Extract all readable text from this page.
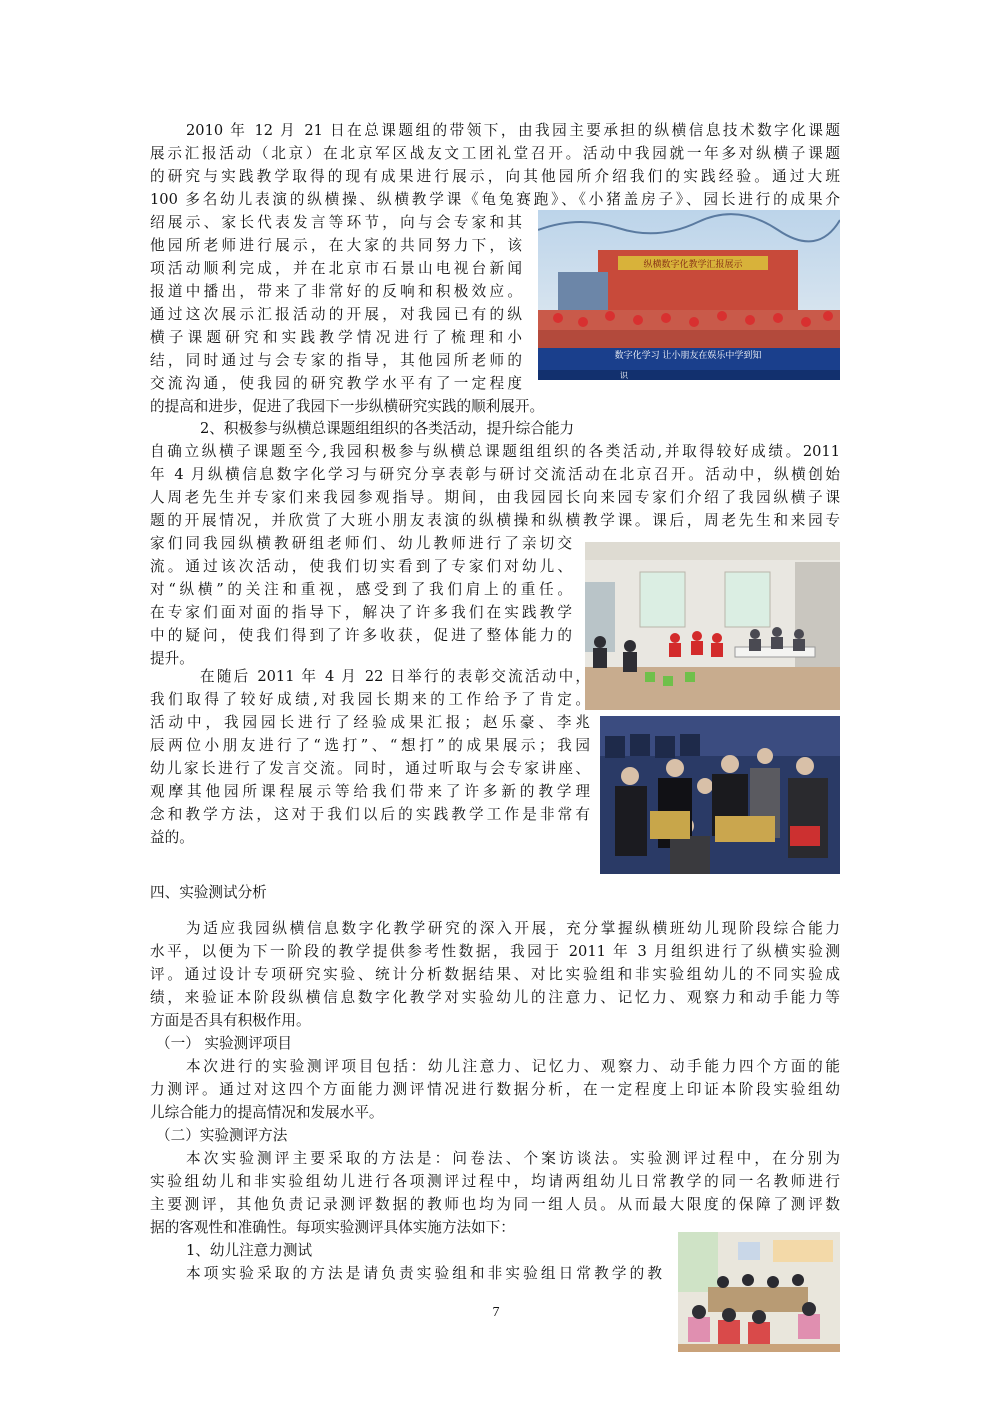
2010 年 12 月 21 日在总课题组的带领下，由我园主要承担的纵横信息技术数字化课题
展示汇报活动（北京）在北京军区战友文工团礼堂召开。活动中我园就一年多对纵横子课题
的研究与实践教学取得的现有成果进行展示，向其他园所介绍我们的实践经验。通过大班
100 多名幼儿表演的纵横操、纵横教学课《龟兔赛跑》、《小猪盖房子》、园长进行的成果介
绍展示、家长代表发言等环节，向与会专家和其
他园所老师进行展示，在大家的共同努力下，该
项活动顺利完成，并在北京市石景山电视台新闻
报道中播出，带来了非常好的反响和积极效应。
通过这次展示汇报活动的开展，对我园已有的纵
横子课题研究和实践教学情况进行了梳理和小
结，同时通过与会专家的指导，其他园所老师的
交流沟通，使我园的研究教学水平有了一定程度
的提高和进步，促进了我园下一步纵横研究实践的顺利展开。
纵横数字化教学汇报展示
数字化学习 让小朋友在娱乐中学到知
识
2、积极参与纵横总课题组组织的各类活动，提升综合能力
自确立纵横子课题至今,我园积极参与纵横总课题组组织的各类活动,并取得较好成绩。2011
年 4 月纵横信息数字化学习与研究分享表彰与研讨交流活动在北京召开。活动中，纵横创始
人周老先生并专家们来我园参观指导。期间，由我园园长向来园专家们介绍了我园纵横子课
题的开展情况，并欣赏了大班小朋友表演的纵横操和纵横教学课。课后，周老先生和来园专
家们同我园纵横教研组老师们、幼儿教师进行了亲切交
流。通过该次活动，使我们切实看到了专家们对幼儿、
对“纵横”的关注和重视，感受到了我们肩上的重任。
在专家们面对面的指导下，解决了许多我们在实践教学
中的疑问，使我们得到了许多收获，促进了整体能力的
提升。
在随后 2011 年 4 月 22 日举行的表彰交流活动中，
我们取得了较好成绩,对我园长期来的工作给予了肯定。
活动中，我园园长进行了经验成果汇报；赵乐豪、李兆
辰两位小朋友进行了“选打”、“想打”的成果展示；我园
幼儿家长进行了发言交流。同时，通过听取与会专家讲座、
观摩其他园所课程展示等给我们带来了许多新的教学理
念和教学方法，这对于我们以后的实践教学工作是非常有
益的。
四、实验测试分析
为适应我园纵横信息数字化教学研究的深入开展，充分掌握纵横班幼儿现阶段综合能力
水平，以便为下一阶段的教学提供参考性数据，我园于 2011 年 3 月组织进行了纵横实验测
评。通过设计专项研究实验、统计分析数据结果、对比实验组和非实验组幼儿的不同实验成
绩，来验证本阶段纵横信息数字化教学对实验幼儿的注意力、记忆力、观察力和动手能力等
方面是否具有积极作用。
（一） 实验测评项目
本次进行的实验测评项目包括：幼儿注意力、记忆力、观察力、动手能力四个方面的能
力测评。通过对这四个方面能力测评情况进行数据分析，在一定程度上印证本阶段实验组幼
儿综合能力的提高情况和发展水平。
（二）实验测评方法
本次实验测评主要采取的方法是：问卷法、个案访谈法。实验测评过程中，在分别为
实验组幼儿和非实验组幼儿进行各项测评过程中，均请两组幼儿日常教学的同一名教师进行
主要测评，其他负责记录测评数据的教师也均为同一组人员。从而最大限度的保障了测评数
据的客观性和准确性。每项实验测评具体实施方法如下：
1、幼儿注意力测试
本项实验采取的方法是请负责实验组和非实验组日常教学的教
7
